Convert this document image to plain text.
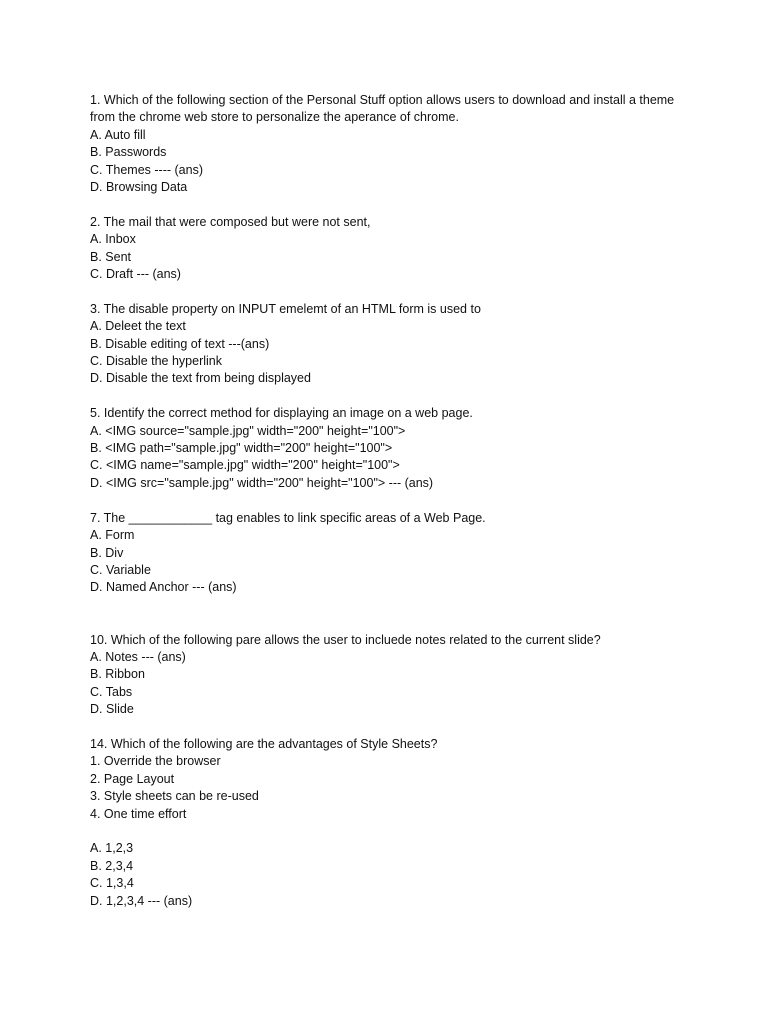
1. Which of the following section of the Personal Stuff option allows users to download and install a theme from the chrome web store to personalize the aperance of chrome.
A. Auto fill
B. Passwords
C. Themes ---- (ans)
D. Browsing Data
2. The mail that were composed but were not sent,
A. Inbox
B. Sent
C. Draft --- (ans)
3. The disable property on INPUT emelemt of an HTML form is used to
A. Deleet the text
B. Disable editing of text ---(ans)
C. Disable the hyperlink
D. Disable the text from being displayed
5. Identify the correct method for displaying an image on a web page.
A. <IMG source="sample.jpg" width="200" height="100">
B. <IMG path="sample.jpg" width="200" height="100">
C. <IMG name="sample.jpg" width="200" height="100">
D. <IMG src="sample.jpg" width="200" height="100"> --- (ans)
7. The ____________ tag enables to link specific areas of a Web Page.
A. Form
B. Div
C. Variable
D. Named Anchor --- (ans)
10. Which of the following pare allows the user to incluede notes related to the current slide?
A. Notes --- (ans)
B. Ribbon
C. Tabs
D. Slide
14. Which of the following are the advantages of Style Sheets?
1. Override the browser
2. Page Layout
3. Style sheets can be re-used
4. One time effort
A. 1,2,3
B. 2,3,4
C. 1,3,4
D. 1,2,3,4 --- (ans)
